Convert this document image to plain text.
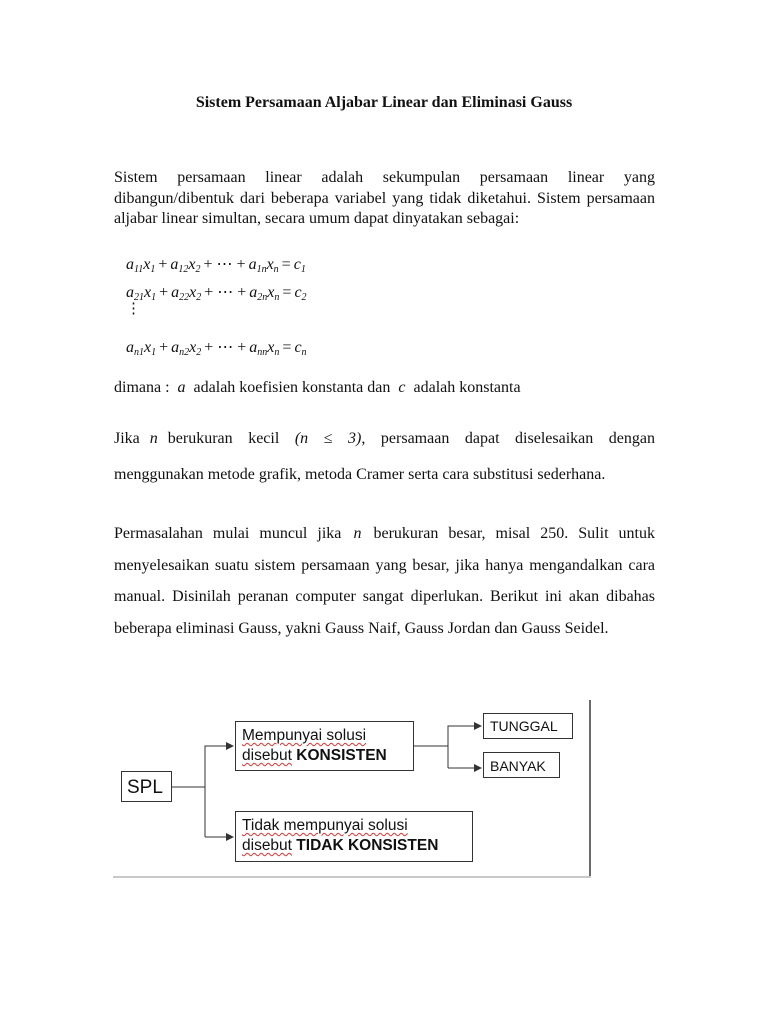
Sistem Persamaan Aljabar Linear dan Eliminasi Gauss
Sistem persamaan linear adalah sekumpulan persamaan linear yang dibangun/dibentuk dari beberapa variabel yang tidak diketahui. Sistem persamaan aljabar linear simultan, secara umum dapat dinyatakan sebagai:
$a_{11}x_1 + a_{12}x_2$ + ⋯ + $a_{1n}x_n = c_1$
$a_{21}x_1 + a_{22}x_2$ + ⋯ + $a_{2n}x_n = c_2$
⋮
$a_{n1}x_1 + a_{n2}x_2$ + ⋯ + $a_{nn}x_n = c_n$
dimana : a adalah koefisien konstanta dan c adalah konstanta
Jika n berukuran kecil (n ≤ 3), persamaan dapat diselesaikan dengan menggunakan metode grafik, metoda Cramer serta cara substitusi sederhana.
Permasalahan mulai muncul jika n berukuran besar, misal 250. Sulit untuk menyelesaikan suatu sistem persamaan yang besar, jika hanya mengandalkan cara manual. Disinilah peranan computer sangat diperlukan. Berikut ini akan dibahas beberapa eliminasi Gauss, yakni Gauss Naif, Gauss Jordan dan Gauss Seidel.
SPL
Mempunyai solusi
disebut KONSISTEN
Tidak mempunyai solusi
disebut TIDAK KONSISTEN
TUNGGAL
BANYAK
